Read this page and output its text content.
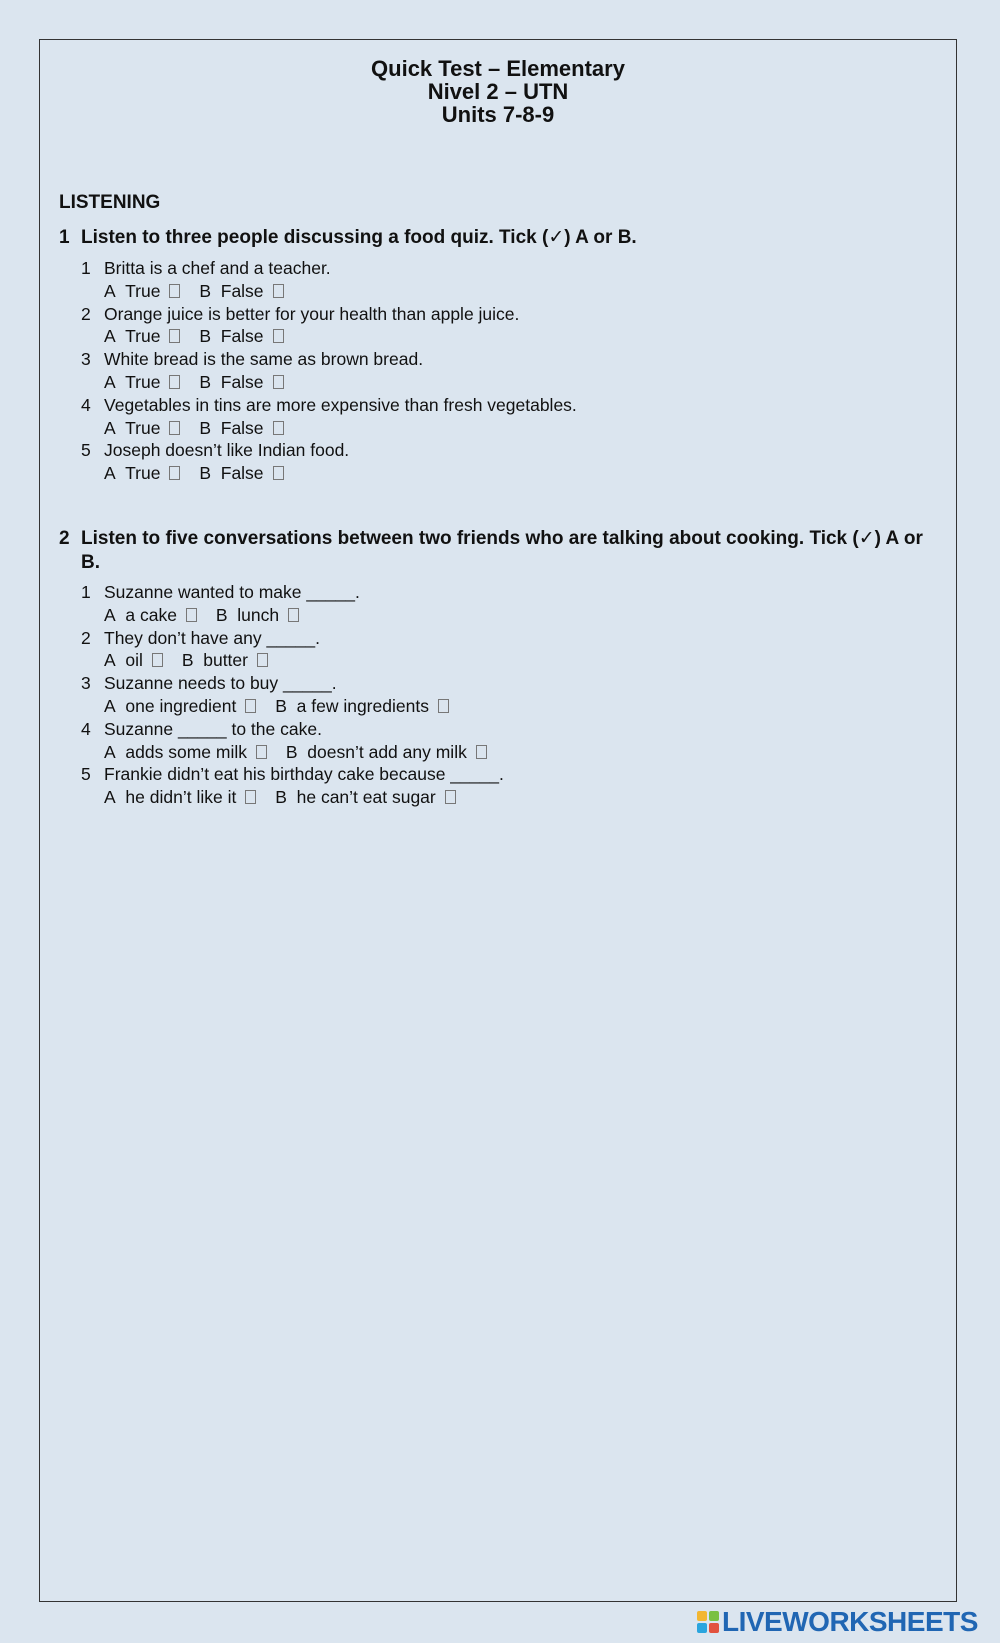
Quick Test – Elementary
Nivel 2 – UTN
Units 7-8-9
LISTENING
1 Listen to three people discussing a food quiz. Tick (✓) A or B.
1 Britta is a chef and a teacher.
A True B False
2 Orange juice is better for your health than apple juice.
A True B False
3 White bread is the same as brown bread.
A True B False
4 Vegetables in tins are more expensive than fresh vegetables.
A True B False
5 Joseph doesn’t like Indian food.
A True B False
2 Listen to five conversations between two friends who are talking about cooking. Tick (✓) A or B.
1 Suzanne wanted to make _____.
A a cake B lunch
2 They don’t have any _____.
A oil B butter
3 Suzanne needs to buy _____.
A one ingredient B a few ingredients
4 Suzanne _____ to the cake.
A adds some milk B doesn’t add any milk
5 Frankie didn’t eat his birthday cake because _____.
A he didn’t like it B he can’t eat sugar
LIVEWORKSHEETS
